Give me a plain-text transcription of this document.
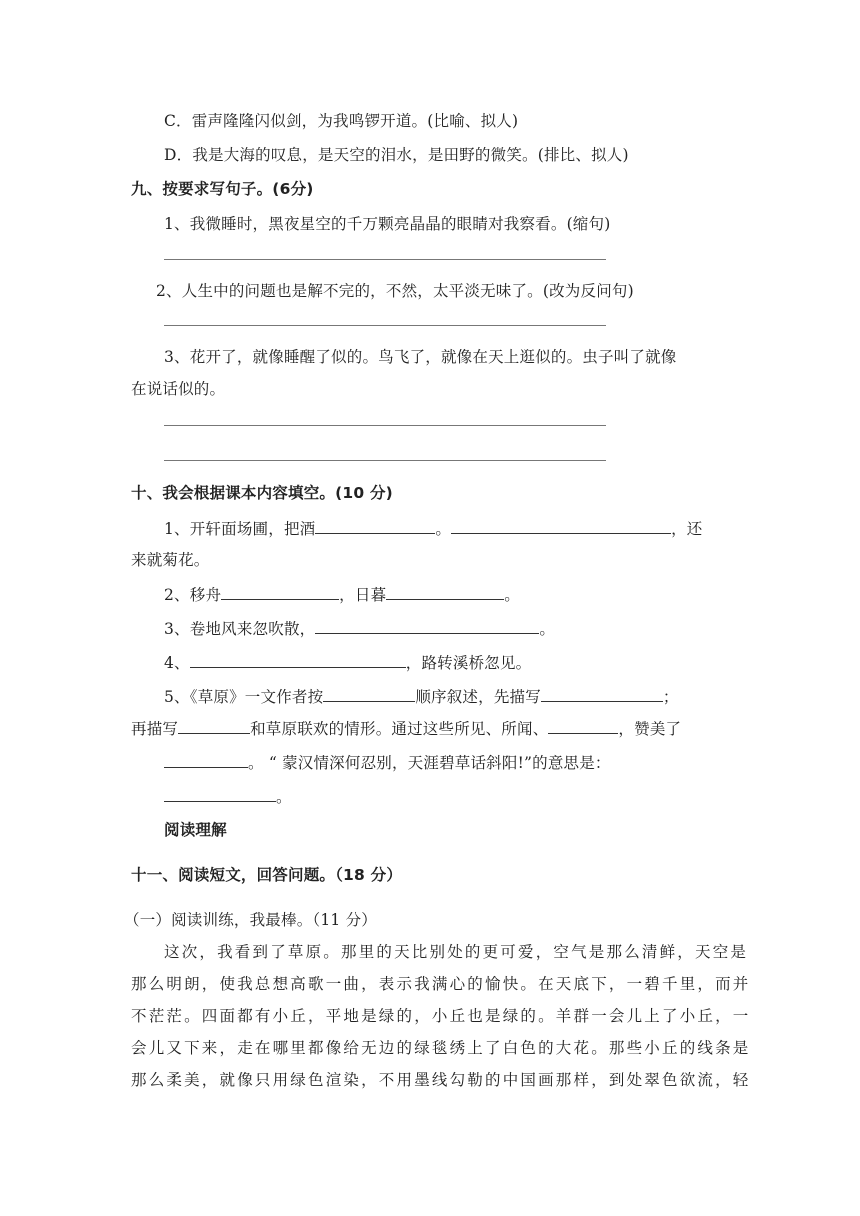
C．雷声隆隆闪似剑，为我鸣锣开道。(比喻、拟人)
D．我是大海的叹息，是天空的泪水，是田野的微笑。(排比、拟人)
九、按要求写句子。(6分)
1、我微睡时，黑夜星空的千万颗亮晶晶的眼睛对我察看。(缩句)
2、人生中的问题也是解不完的，不然，太平淡无味了。(改为反问句)
3、花开了，就像睡醒了似的。鸟飞了，就像在天上逛似的。虫子叫了就像
在说话似的。
十、我会根据课本内容填空。(10 分)
1、开轩面场圃，把酒	。	，还
来就菊花。
2、移舟	，日暮	。
3、卷地风来忽吹散，	。
4、	，路转溪桥忽见。
5、《草原》一文作者按	顺序叙述，先描写	；
再描写	和草原联欢的情形。通过这些所见、所闻、	，赞美了
。 “ 蒙汉情深何忍别，天涯碧草话斜阳!”的意思是：
。
阅读理解
十一、阅读短文，回答问题。（18 分）
（一）阅读训练，我最棒。（11 分）
这次，我看到了草原。那里的天比别处的更可爱，空气是那么清鲜，天空是
那么明朗，使我总想高歌一曲，表示我满心的愉快。在天底下，一碧千里，而并
不茫茫。四面都有小丘，平地是绿的，小丘也是绿的。羊群一会儿上了小丘，一
会儿又下来，走在哪里都像给无边的绿毯绣上了白色的大花。那些小丘的线条是
那么柔美，就像只用绿色渲染，不用墨线勾勒的中国画那样，到处翠色欲流，轻
